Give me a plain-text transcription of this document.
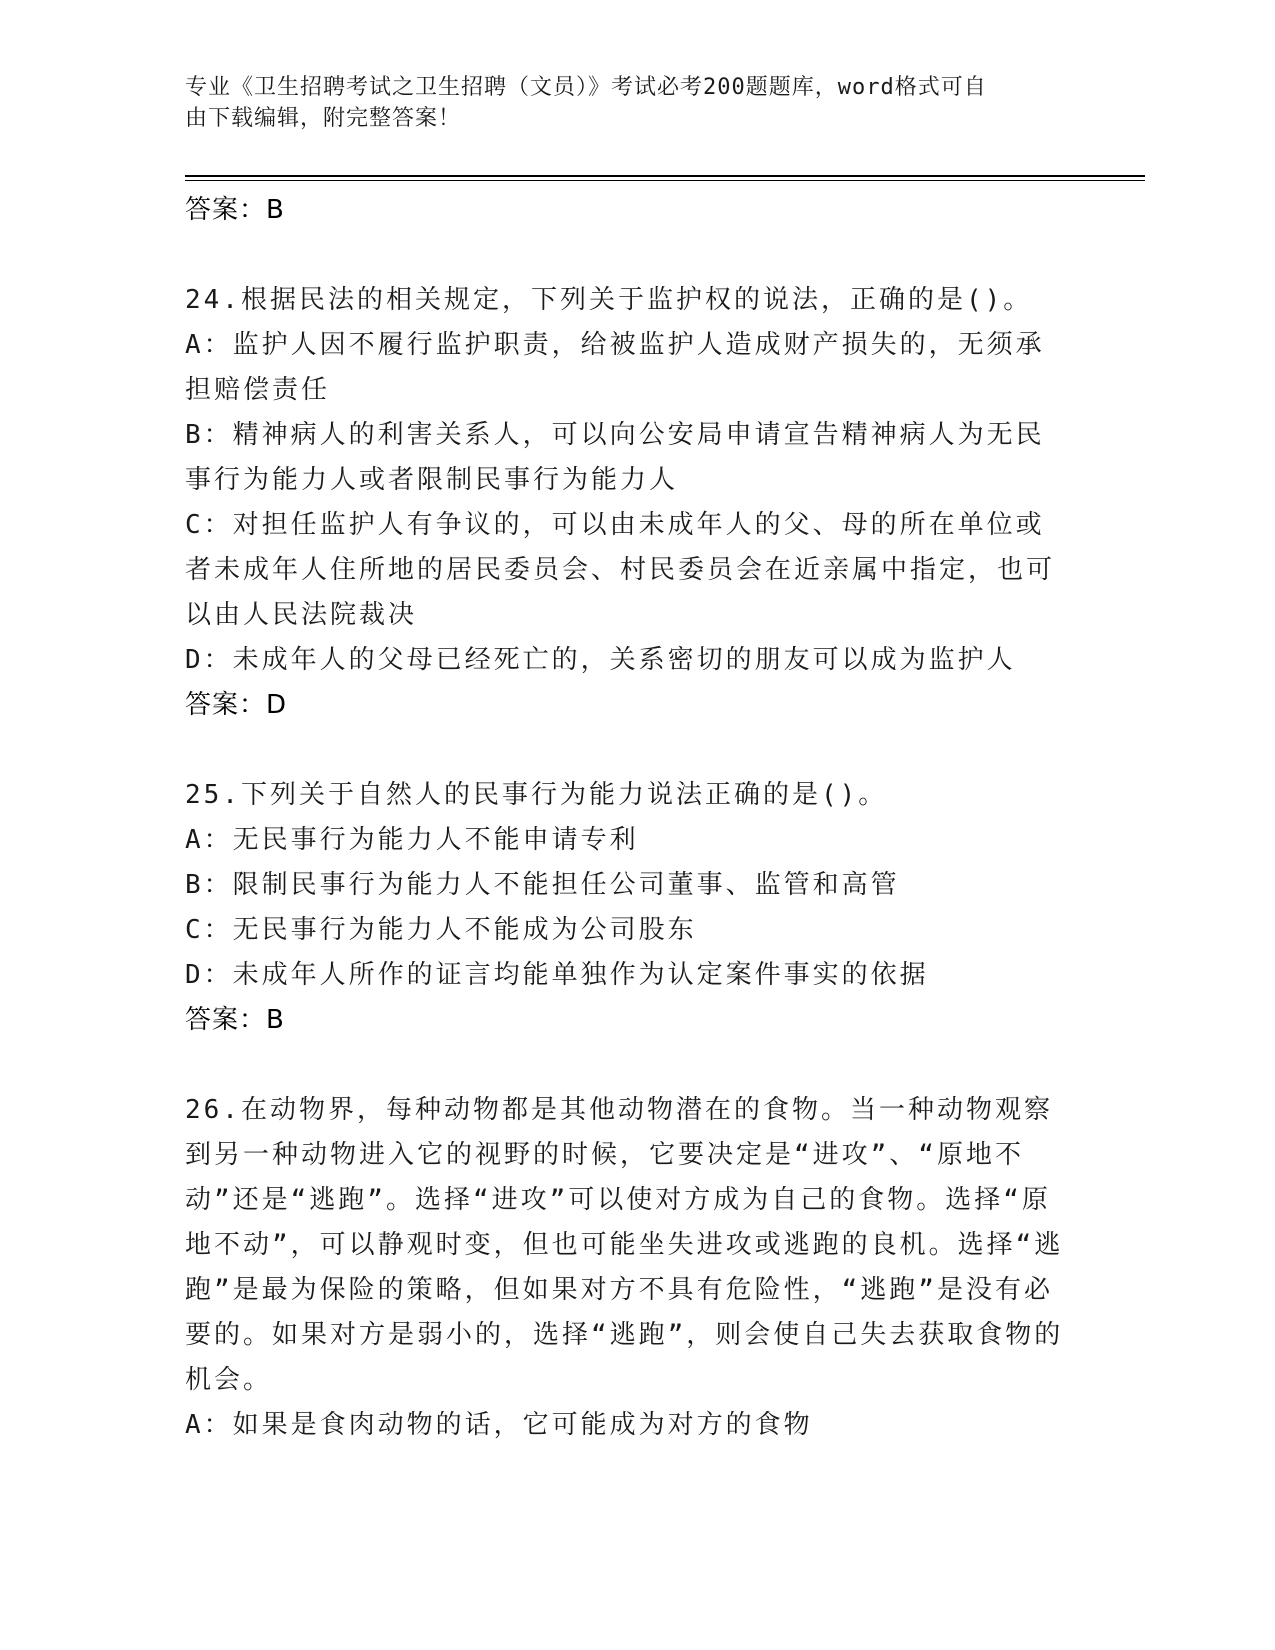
专业《卫生招聘考试之卫生招聘（文员）》考试必考200题题库，word格式可自

由下载编辑，附完整答案！

答案：B

24.根据民法的相关规定，下列关于监护权的说法，正确的是()。

A：监护人因不履行监护职责，给被监护人造成财产损失的，无须承担赔偿责任

B：精神病人的利害关系人，可以向公安局申请宣告精神病人为无民事行为能力人或者限制民事行为能力人

C：对担任监护人有争议的，可以由未成年人的父、母的所在单位或者未成年人住所地的居民委员会、村民委员会在近亲属中指定，也可以由人民法院裁决

D：未成年人的父母已经死亡的，关系密切的朋友可以成为监护人

答案：D

25.下列关于自然人的民事行为能力说法正确的是()。

A：无民事行为能力人不能申请专利

B：限制民事行为能力人不能担任公司董事、监管和高管

C：无民事行为能力人不能成为公司股东

D：未成年人所作的证言均能单独作为认定案件事实的依据

答案：B

26.在动物界，每种动物都是其他动物潜在的食物。当一种动物观察到另一种动物进入它的视野的时候，它要决定是“进攻”、“原地不动”还是“逃跑”。选择“进攻”可以使对方成为自己的食物。选择“原地不动”，可以静观时变，但也可能坐失进攻或逃跑的良机。选择“逃跑”是最为保险的策略，但如果对方不具有危险性，“逃跑”是没有必要的。如果对方是弱小的，选择“逃跑”，则会使自己失去获取食物的机会。

A：如果是食肉动物的话，它可能成为对方的食物
